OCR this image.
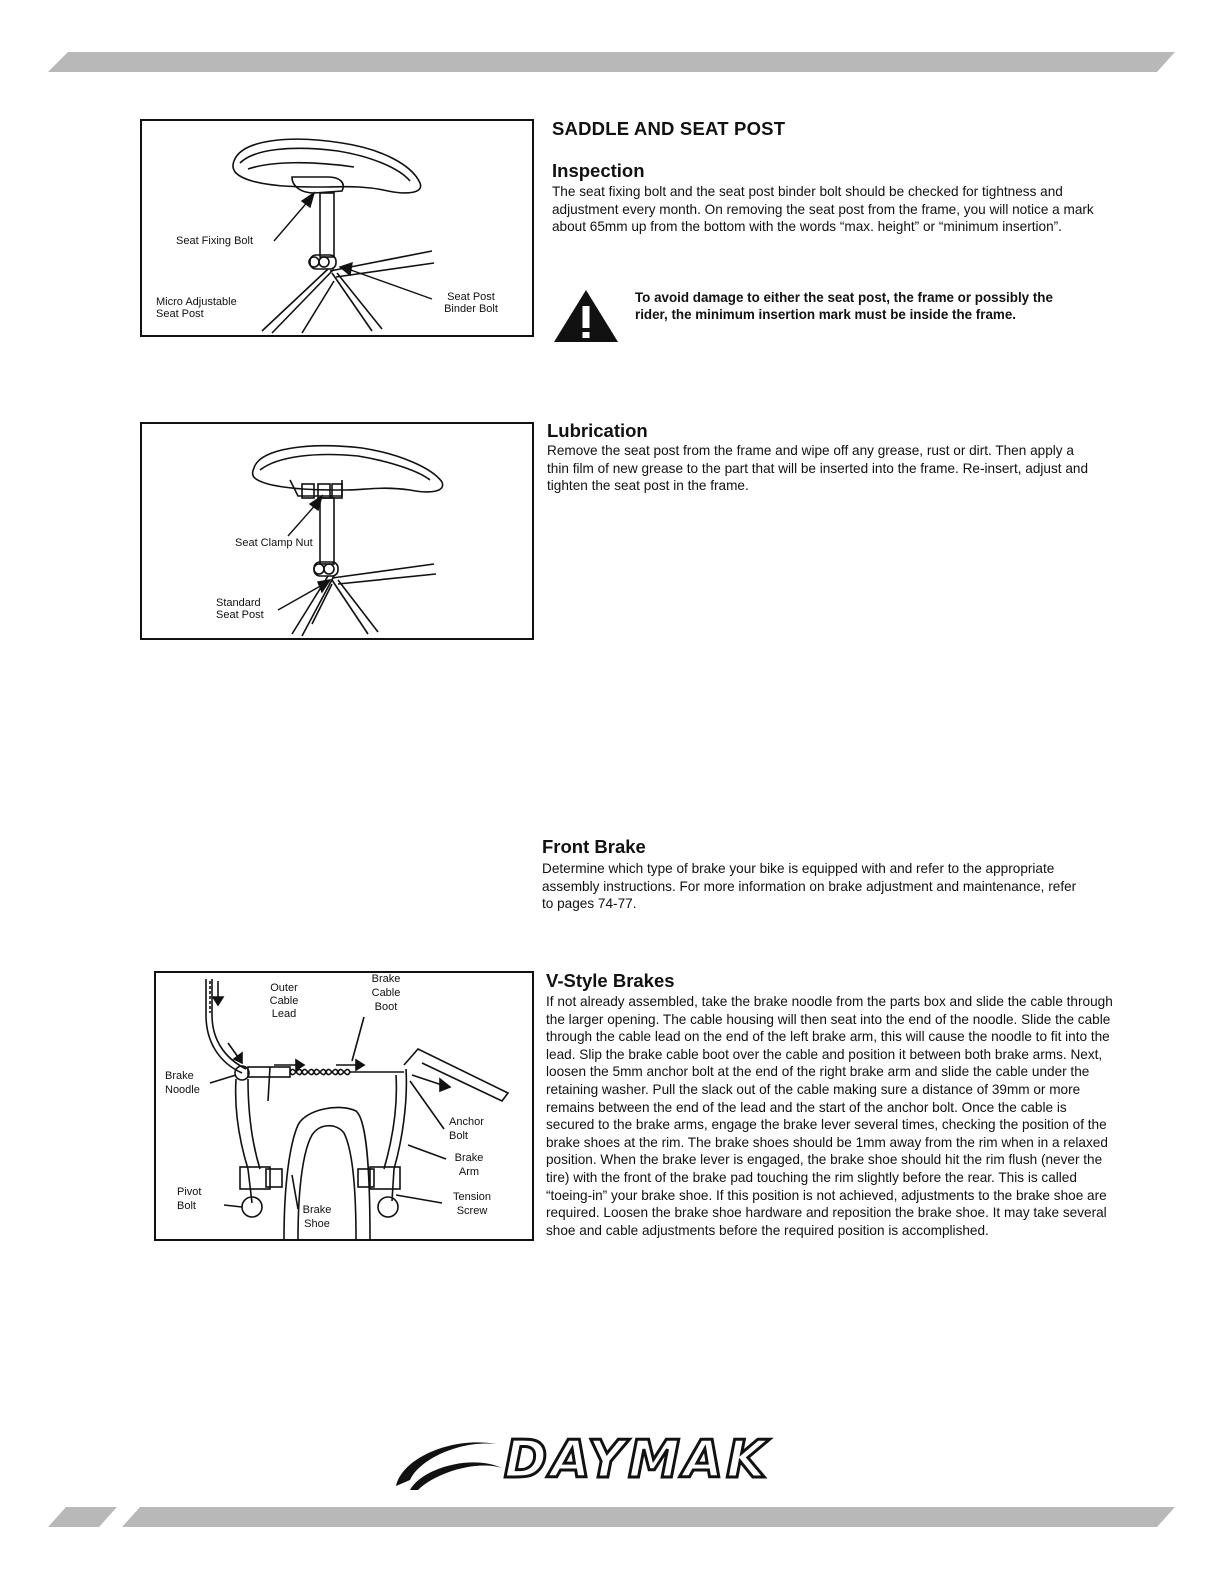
Seat Fixing Bolt
Micro Adjustable
Seat Post
Seat Post
Binder Bolt
SADDLE AND SEAT POST
Inspection

The seat fixing bolt and the seat post binder bolt should be checked for tightness and adjustment every month. On removing the seat post from the frame, you will notice a mark about 65mm up from the bottom with the words “max. height” or “minimum insertion”.

To avoid damage to either the seat post, the frame or possibly the rider, the minimum insertion mark must be inside the frame.
Seat Clamp Nut
Standard
Seat Post
Lubrication

Remove the seat post from the frame and wipe off any grease, rust or dirt. Then apply a thin film of new grease to the part that will be inserted into the frame. Re-insert, adjust and tighten the seat post in the frame.

Front Brake

Determine which type of brake your bike is equipped with and refer to the appropriate assembly instructions. For more information on brake adjustment and maintenance, refer to pages 74-77.

Outer
Cable
Lead
Brake
Cable
Boot
Brake
Noodle
Anchor
Bolt
Brake
Arm
Pivot
Bolt	Brake
Shoe
Tension
Screw
V-Style Brakes

If not already assembled, take the brake noodle from the parts box and slide the cable through the larger opening. The cable housing will then seat into the end of the noodle. Slide the cable through the cable lead on the end of the left brake arm, this will cause the noodle to fit into the lead. Slip the brake cable boot over the cable and position it between both brake arms. Next, loosen the 5mm anchor bolt at the end of the right brake arm and slide the cable under the retaining washer. Pull the slack out of the cable making sure a distance of 39mm or more remains between the end of the lead and the start of the anchor bolt. Once the cable is secured to the brake arms, engage the brake lever several times, checking the position of the brake shoes at the rim. The brake shoes should be 1mm away from the rim when in a relaxed position. When the brake lever is engaged, the brake shoe should hit the rim flush (never the tire) with the front of the brake pad touching the rim slightly before the rear. This is called “toeing-in” your brake shoe. If this position is not achieved, adjustments to the brake shoe are required. Loosen the brake shoe hardware and reposition the brake shoe. It may take several shoe and cable adjustments before the required position is accomplished.

DAYMAK
